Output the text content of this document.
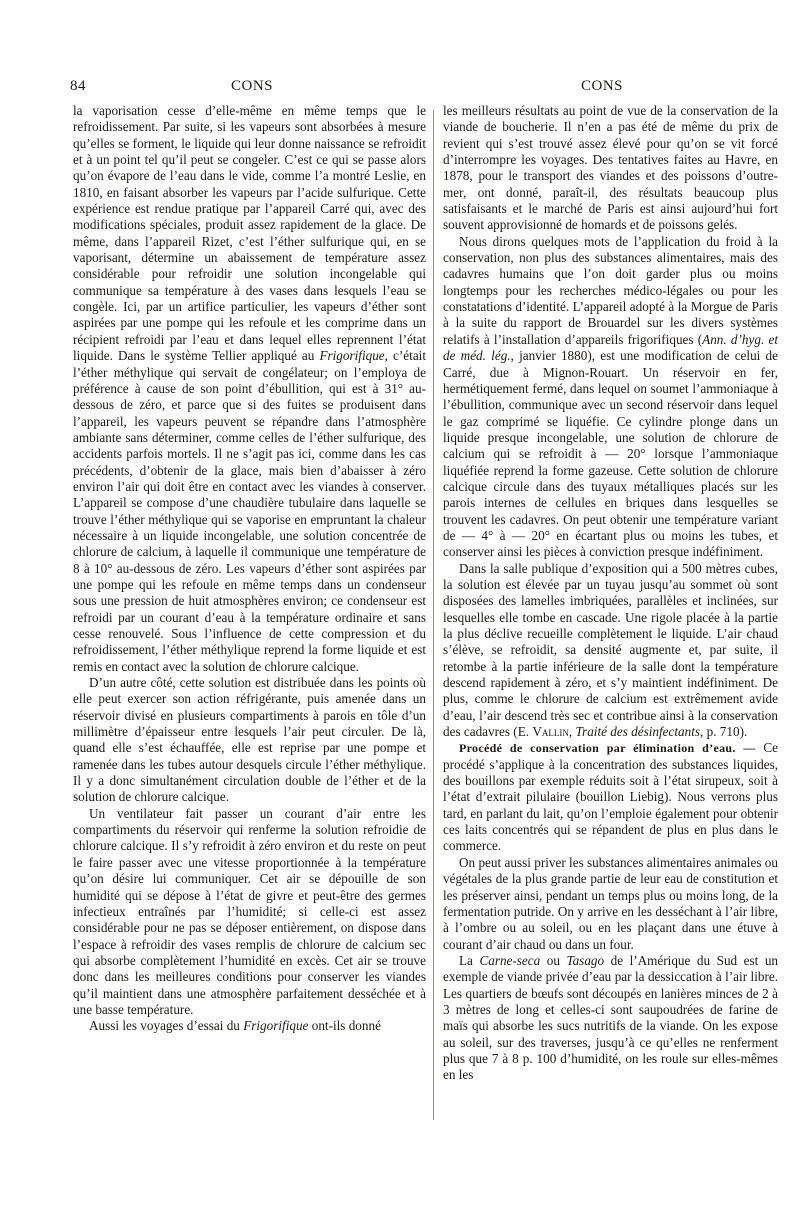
84	CONS	CONS

la vaporisation cesse d’elle-même en même temps que le refroidissement. Par suite, si les vapeurs sont absorbées à mesure qu’elles se forment, le liquide qui leur donne naissance se refroidit et à un point tel qu’il peut se congeler. C’est ce qui se passe alors qu’on évapore de l’eau dans le vide, comme l’a montré Leslie, en 1810, en faisant absorber les vapeurs par l’acide sulfurique. Cette expérience est rendue pratique par l’appareil Carré qui, avec des modifications spéciales, produit assez rapidement de la glace. De même, dans l’appareil Rizet, c’est l’éther sulfurique qui, en se vaporisant, détermine un abaissement de température assez considérable pour refroidir une solution incongelable qui communique sa température à des vases dans lesquels l’eau se congèle. Ici, par un artifice particulier, les vapeurs d’éther sont aspirées par une pompe qui les refoule et les comprime dans un récipient refroidi par l’eau et dans lequel elles reprennent l’état liquide. Dans le système Tellier appliqué au Frigorifique, c’était l’éther méthylique qui servait de congélateur; on l’employa de préférence à cause de son point d’ébullition, qui est à 31° au-dessous de zéro, et parce que si des fuites se produisent dans l’appareil, les vapeurs peuvent se répandre dans l’atmosphère ambiante sans déterminer, comme celles de l’éther sulfurique, des accidents parfois mortels. Il ne s’agit pas ici, comme dans les cas précédents, d’obtenir de la glace, mais bien d’abaisser à zéro environ l’air qui doit être en contact avec les viandes à conserver. L’appareil se compose d’une chaudière tubulaire dans laquelle se trouve l’éther méthylique qui se vaporise en empruntant la chaleur nécessaire à un liquide incongelable, une solution concentrée de chlorure de calcium, à laquelle il communique une température de 8 à 10° au-dessous de zéro. Les vapeurs d’éther sont aspirées par une pompe qui les refoule en même temps dans un condenseur sous une pression de huit atmosphères environ; ce condenseur est refroidi par un courant d’eau à la température ordinaire et sans cesse renouvelé. Sous l’influence de cette compression et du refroidissement, l’éther méthylique reprend la forme liquide et est remis en contact avec la solution de chlorure calcique.

D’un autre côté, cette solution est distribuée dans les points où elle peut exercer son action réfrigérante, puis amenée dans un réservoir divisé en plusieurs compartiments à parois en tôle d’un millimètre d’épaisseur entre lesquels l’air peut circuler. De là, quand elle s’est échauffée, elle est reprise par une pompe et ramenée dans les tubes autour desquels circule l’éther méthylique. Il y a donc simultanément circulation double de l’éther et de la solution de chlorure calcique.

Un ventilateur fait passer un courant d’air entre les compartiments du réservoir qui renferme la solution refroidie de chlorure calcique. Il s’y refroidit à zéro environ et du reste on peut le faire passer avec une vitesse proportionnée à la température qu’on désire lui communiquer. Cet air se dépouille de son humidité qui se dépose à l’état de givre et peut-être des germes infectieux entraînés par l’humidité; si celle-ci est assez considérable pour ne pas se déposer entièrement, on dispose dans l’espace à refroidir des vases remplis de chlorure de calcium sec qui absorbe complètement l’humidité en excès. Cet air se trouve donc dans les meilleures conditions pour conserver les viandes qu’il maintient dans une atmosphère parfaitement desséchée et à une basse température.

Aussi les voyages d’essai du Frigorifique ont-ils donné

les meilleurs résultats au point de vue de la conservation de la viande de boucherie. Il n’en a pas été de même du prix de revient qui s’est trouvé assez élevé pour qu’on se vit forcé d’interrompre les voyages. Des tentatives faites au Havre, en 1878, pour le transport des viandes et des poissons d’outre-mer, ont donné, paraît-il, des résultats beaucoup plus satisfaisants et le marché de Paris est ainsi aujourd’hui fort souvent approvisionné de homards et de poissons gelés.

Nous dirons quelques mots de l’application du froid à la conservation, non plus des substances alimentaires, mais des cadavres humains que l’on doit garder plus ou moins longtemps pour les recherches médico-légales ou pour les constatations d’identité. L’appareil adopté à la Morgue de Paris à la suite du rapport de Brouardel sur les divers systèmes relatifs à l’installation d’appareils frigorifiques (Ann. d’hyg. et de méd. lég., janvier 1880), est une modification de celui de Carré, due à Mignon-Rouart. Un réservoir en fer, hermétiquement fermé, dans lequel on soumet l’ammoniaque à l’ébullition, communique avec un second réservoir dans lequel le gaz comprimé se liquéfie. Ce cylindre plonge dans un liquide presque incongelable, une solution de chlorure de calcium qui se refroidit à — 20° lorsque l’ammoniaque liquéfiée reprend la forme gazeuse. Cette solution de chlorure calcique circule dans des tuyaux métalliques placés sur les parois internes de cellules en briques dans lesquelles se trouvent les cadavres. On peut obtenir une température variant de — 4° à — 20° en écartant plus ou moins les tubes, et conserver ainsi les pièces à conviction presque indéfiniment.

Dans la salle publique d’exposition qui a 500 mètres cubes, la solution est élevée par un tuyau jusqu’au sommet où sont disposées des lamelles imbriquées, parallèles et inclinées, sur lesquelles elle tombe en cascade. Une rigole placée à la partie la plus déclive recueille complètement le liquide. L’air chaud s’élève, se refroidit, sa densité augmente et, par suite, il retombe à la partie inférieure de la salle dont la température descend rapidement à zéro, et s’y maintient indéfiniment. De plus, comme le chlorure de calcium est extrêmement avide d’eau, l’air descend très sec et contribue ainsi à la conservation des cadavres (E. Vallin, Traité des désinfectants, p. 710).

Procédé de conservation par élimination d’eau. — Ce procédé s’applique à la concentration des substances liquides, des bouillons par exemple réduits soit à l’état sirupeux, soit à l’état d’extrait pilulaire (bouillon Liebig). Nous verrons plus tard, en parlant du lait, qu’on l’emploie également pour obtenir ces laits concentrés qui se répandent de plus en plus dans le commerce.

On peut aussi priver les substances alimentaires animales ou végétales de la plus grande partie de leur eau de constitution et les préserver ainsi, pendant un temps plus ou moins long, de la fermentation putride. On y arrive en les desséchant à l’air libre, à l’ombre ou au soleil, ou en les plaçant dans une étuve à courant d’air chaud ou dans un four.

La Carne-seca ou Tasago de l’Amérique du Sud est un exemple de viande privée d’eau par la dessiccation à l’air libre. Les quartiers de bœufs sont découpés en lanières minces de 2 à 3 mètres de long et celles-ci sont saupoudrées de farine de maïs qui absorbe les sucs nutritifs de la viande. On les expose au soleil, sur des traverses, jusqu’à ce qu’elles ne renferment plus que 7 à 8 p. 100 d’humidité, on les roule sur elles-mêmes en les
